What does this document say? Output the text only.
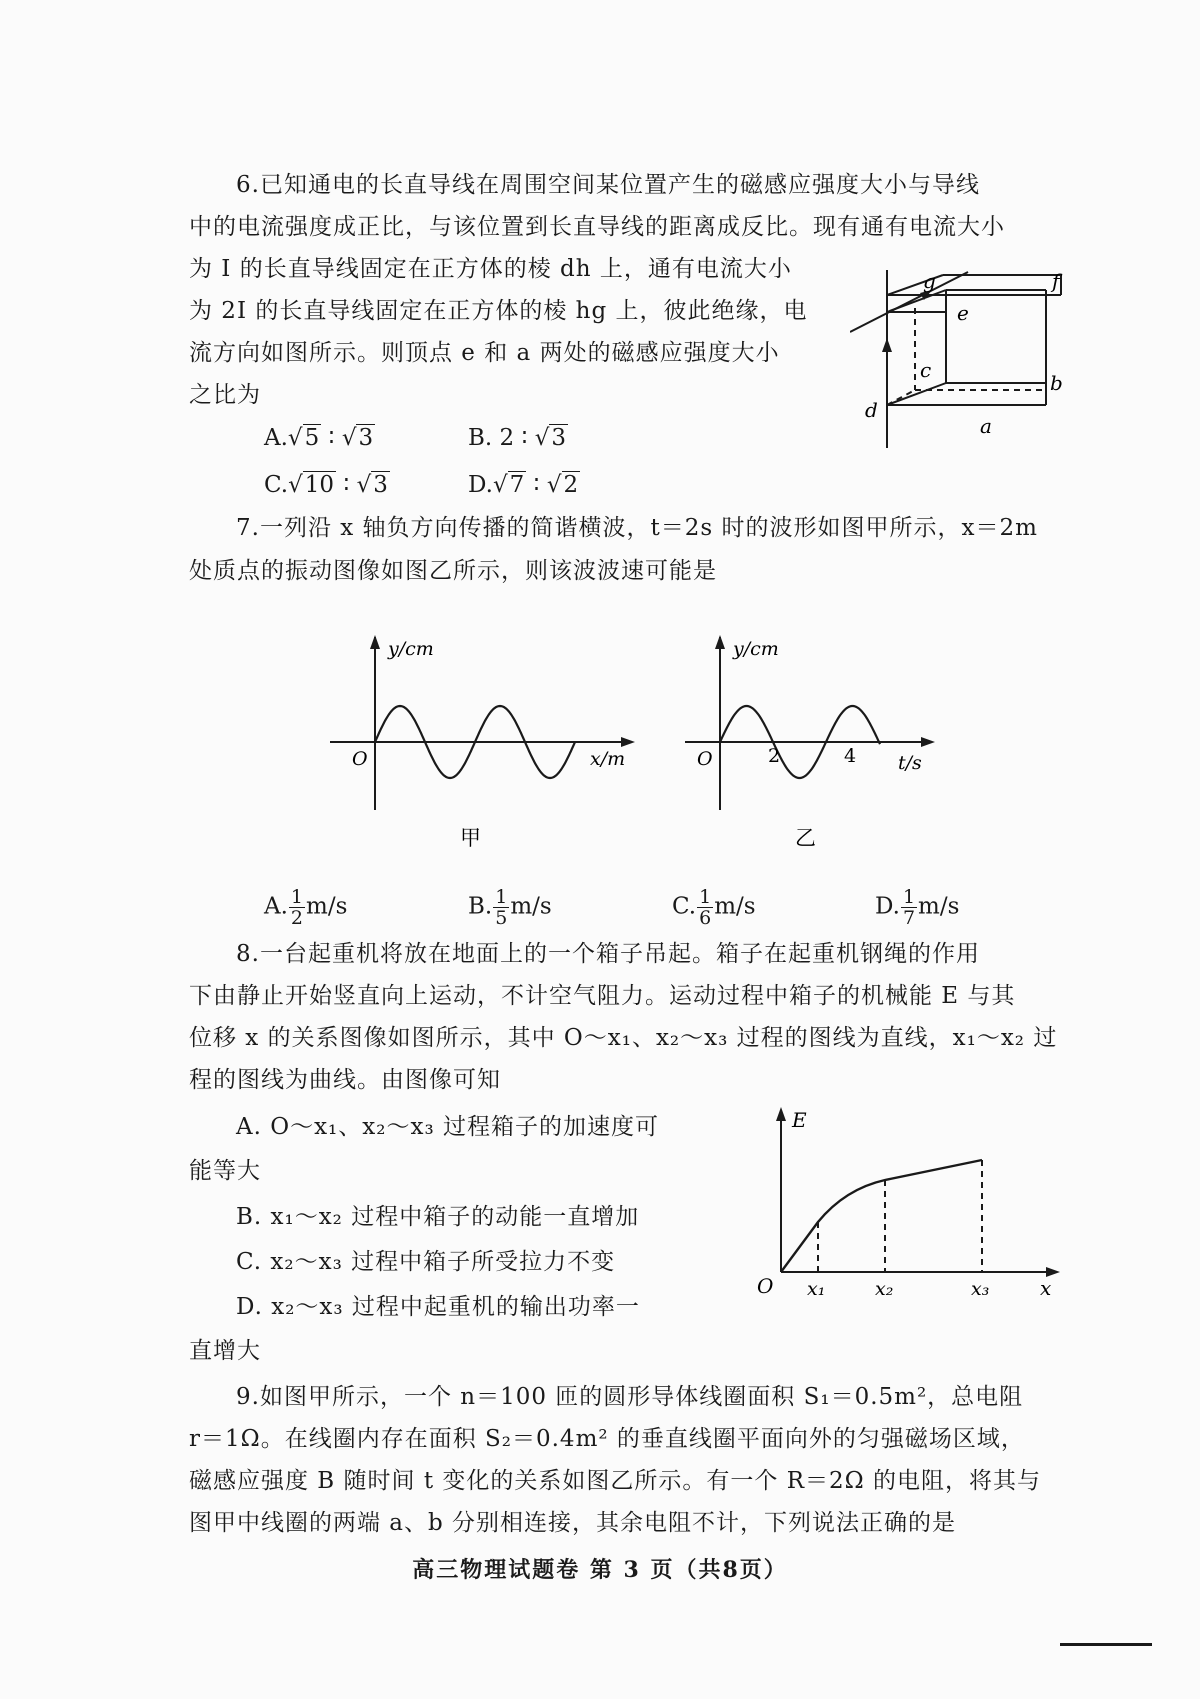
6.已知通电的长直导线在周围空间某位置产生的磁感应强度大小与导线
中的电流强度成正比，与该位置到长直导线的距离成反比。现有通有电流大小
为 I 的长直导线固定在正方体的棱 dh 上，通有电流大小
为 2I 的长直导线固定在正方体的棱 hg 上，彼此绝缘，电
流方向如图所示。则顶点 e 和 a 两处的磁感应强度大小
之比为
A.√5 ∶ √3	B. 2 ∶ √3
C.√10 ∶ √3	D.√7 ∶ √2
g	f
e
c
b
d
a
7.一列沿 x 轴负方向传播的简谐横波，t＝2s 时的波形如图甲所示，x＝2m
处质点的振动图像如图乙所示，则该波波速可能是
y/cm
x/m
O
甲
y/cm
t/s
O	2	4
乙
A. $\frac{1}{2} m/s$	B. $\frac{1}{5} m/s$	C. $\frac{1}{6} m/s$	D. $\frac{1}{7} m/s$
8.一台起重机将放在地面上的一个箱子吊起。箱子在起重机钢绳的作用
下由静止开始竖直向上运动，不计空气阻力。运动过程中箱子的机械能 E 与其
位移 x 的关系图像如图所示，其中 O～x₁、x₂～x₃ 过程的图线为直线，x₁～x₂ 过
程的图线为曲线。由图像可知
A. O～x₁、x₂～x₃ 过程箱子的加速度可
能等大
B. x₁～x₂ 过程中箱子的动能一直增加
C. x₂～x₃ 过程中箱子所受拉力不变
D. x₂～x₃ 过程中起重机的输出功率一
直增大
E
x
O x₁	x₂	x₃
9.如图甲所示，一个 n＝100 匝的圆形导体线圈面积 S₁＝0.5m²，总电阻
r＝1Ω。在线圈内存在面积 S₂＝0.4m² 的垂直线圈平面向外的匀强磁场区域，
磁感应强度 B 随时间 t 变化的关系如图乙所示。有一个 R＝2Ω 的电阻，将其与
图甲中线圈的两端 a、b 分别相连接，其余电阻不计，下列说法正确的是
高三物理试题卷 第 3 页（共8页）
